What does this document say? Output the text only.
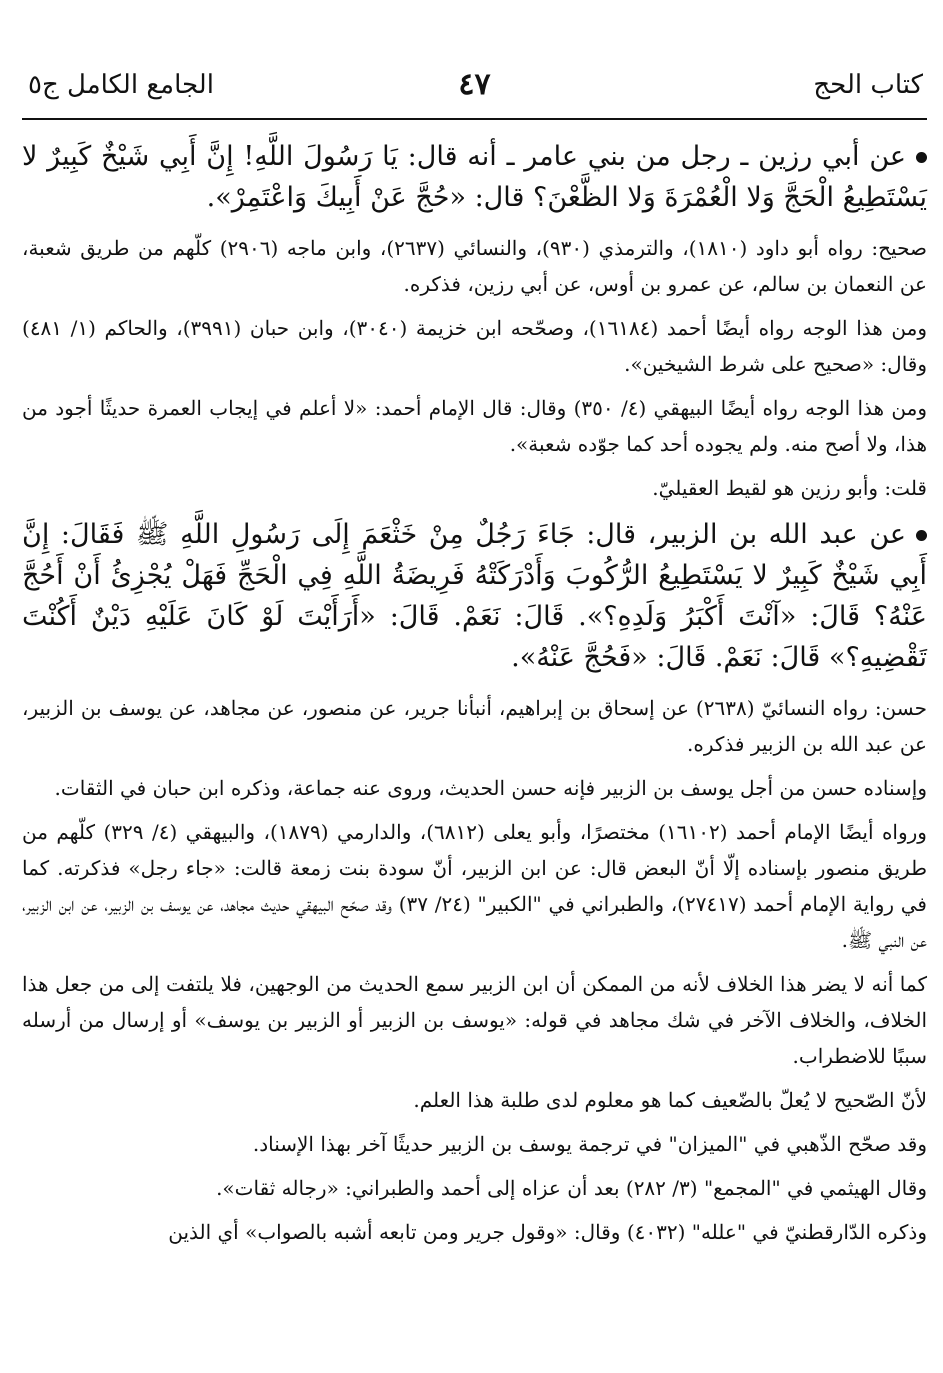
كتاب الحج
٤٧
الجامع الكامل ج٥

عن أبي رزين ـ رجل من بني عامر ـ أنه قال: يَا رَسُولَ اللَّهِ! إِنَّ أَبِي شَيْخٌ كَبِيرٌ لا يَسْتَطِيعُ الْحَجَّ وَلا الْعُمْرَةَ وَلا الظَّعْنَ؟ قال: «حُجَّ عَنْ أَبِيكَ وَاعْتَمِرْ».

صحيح: رواه أبو داود (١٨١٠)، والترمذي (٩٣٠)، والنسائي (٢٦٣٧)، وابن ماجه (٢٩٠٦) كلّهم من طريق شعبة، عن النعمان بن سالم، عن عمرو بن أوس، عن أبي رزين، فذكره.

ومن هذا الوجه رواه أيضًا أحمد (١٦١٨٤)، وصحّحه ابن خزيمة (٣٠٤٠)، وابن حبان (٣٩٩١)، والحاكم (١/ ٤٨١) وقال: «صحيح على شرط الشيخين».

ومن هذا الوجه رواه أيضًا البيهقي (٤/ ٣٥٠) وقال: قال الإمام أحمد: «لا أعلم في إيجاب العمرة حديثًا أجود من هذا، ولا أصح منه. ولم يجوده أحد كما جوّده شعبة».

قلت: وأبو رزين هو لقيط العقيليّ.

عن عبد الله بن الزبير، قال: جَاءَ رَجُلٌ مِنْ خَثْعَمَ إِلَى رَسُولِ اللَّهِ ﷺ فَقَالَ: إِنَّ أَبِي شَيْخٌ كَبِيرٌ لا يَسْتَطِيعُ الرُّكُوبَ وَأَدْرَكَتْهُ فَرِيضَةُ اللَّهِ فِي الْحَجِّ فَهَلْ يُجْزِئُ أَنْ أَحُجَّ عَنْهُ؟ قَالَ: «آنْتَ أَكْبَرُ وَلَدِهِ؟». قَالَ: نَعَمْ. قَالَ: «أَرَأَيْتَ لَوْ كَانَ عَلَيْهِ دَيْنٌ أَكُنْتَ تَقْضِيهِ؟» قَالَ: نَعَمْ. قَالَ: «فَحُجَّ عَنْهُ».

حسن: رواه النسائيّ (٢٦٣٨) عن إسحاق بن إبراهيم، أنبأنا جرير، عن منصور، عن مجاهد، عن يوسف بن الزبير، عن عبد الله بن الزبير فذكره.

وإسناده حسن من أجل يوسف بن الزبير فإنه حسن الحديث، وروى عنه جماعة، وذكره ابن حبان في الثقات.

ورواه أيضًا الإمام أحمد (١٦١٠٢) مختصرًا، وأبو يعلى (٦٨١٢)، والدارمي (١٨٧٩)، والبيهقي (٤/ ٣٢٩) كلّهم من طريق منصور بإسناده إلّا أنّ البعض قال: عن ابن الزبير، أنّ سودة بنت زمعة قالت: «جاء رجل» فذكرته. كما في رواية الإمام أحمد (٢٧٤١٧)، والطبراني في "الكبير" (٢٤/ ٣٧) وقد صحّح البيهقي حديث مجاهد، عن يوسف بن الزبير، عن ابن الزبير، عن النبي ﷺ.

كما أنه لا يضر هذا الخلاف لأنه من الممكن أن ابن الزبير سمع الحديث من الوجهين، فلا يلتفت إلى من جعل هذا الخلاف، والخلاف الآخر في شك مجاهد في قوله: «يوسف بن الزبير أو الزبير بن يوسف» أو إرسال من أرسله سببًا للاضطراب.

لأنّ الصّحيح لا يُعلّ بالضّعيف كما هو معلوم لدى طلبة هذا العلم.

وقد صحّح الذّهبي في "الميزان" في ترجمة يوسف بن الزبير حديثًا آخر بهذا الإسناد.

وقال الهيثمي في "المجمع" (٣/ ٢٨٢) بعد أن عزاه إلى أحمد والطبراني: «رجاله ثقات».

وذكره الدّارقطنيّ في "علله" (٤٠٣٢) وقال: «وقول جرير ومن تابعه أشبه بالصواب» أي الذين
